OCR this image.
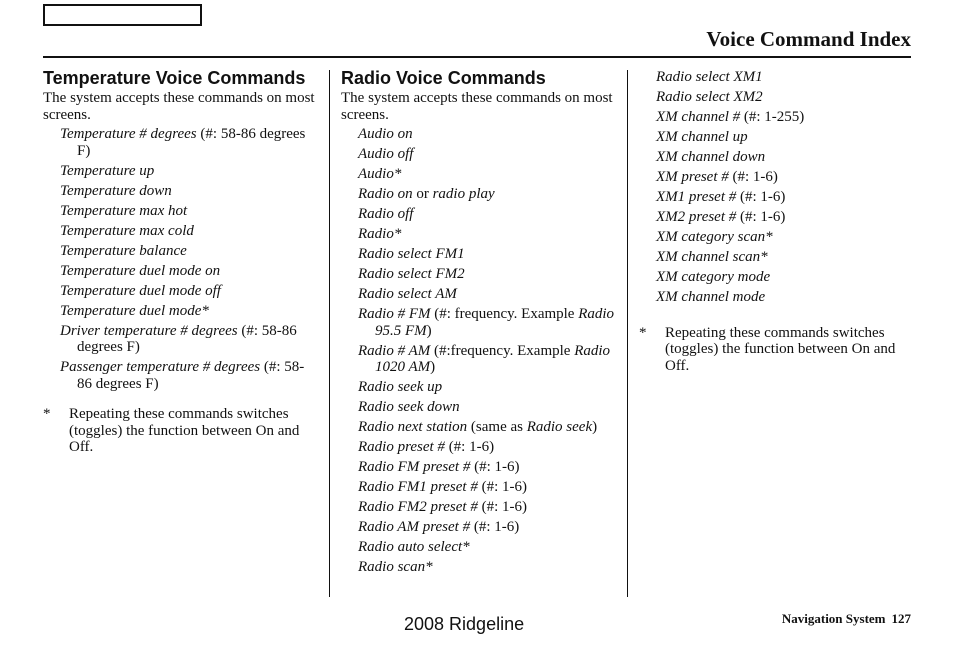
Voice Command Index
Temperature Voice Commands

The system accepts these commands on most screens.

Temperature # degrees (#: 58-86 degrees F)
Temperature up
Temperature down
Temperature max hot
Temperature max cold
Temperature balance
Temperature duel mode on
Temperature duel mode off
Temperature duel mode*
Driver temperature # degrees (#: 58-86 degrees F)
Passenger temperature # degrees (#: 58-86 degrees F)
*	Repeating these commands switches (toggles) the function between On and Off.
Radio Voice Commands

The system accepts these commands on most screens.

Audio on
Audio off
Audio*
Radio on or radio play
Radio off
Radio*
Radio select FM1
Radio select FM2
Radio select AM
Radio # FM (#: frequency. Example Radio 95.5 FM)
Radio # AM (#:frequency. Example Radio 1020 AM)
Radio seek up
Radio seek down
Radio next station (same as Radio seek)
Radio preset # (#: 1-6)
Radio FM preset # (#: 1-6)
Radio FM1 preset # (#: 1-6)
Radio FM2 preset # (#: 1-6)
Radio AM preset # (#: 1-6)
Radio auto select*
Radio scan*
Radio select XM1
Radio select XM2
XM channel # (#: 1-255)
XM channel up
XM channel down
XM preset # (#: 1-6)
XM1 preset # (#: 1-6)
XM2 preset # (#: 1-6)
XM category scan*
XM channel scan*
XM category mode
XM channel mode
*	Repeating these commands switches (toggles) the function between On and Off.
2008 Ridgeline	Navigation System 127
